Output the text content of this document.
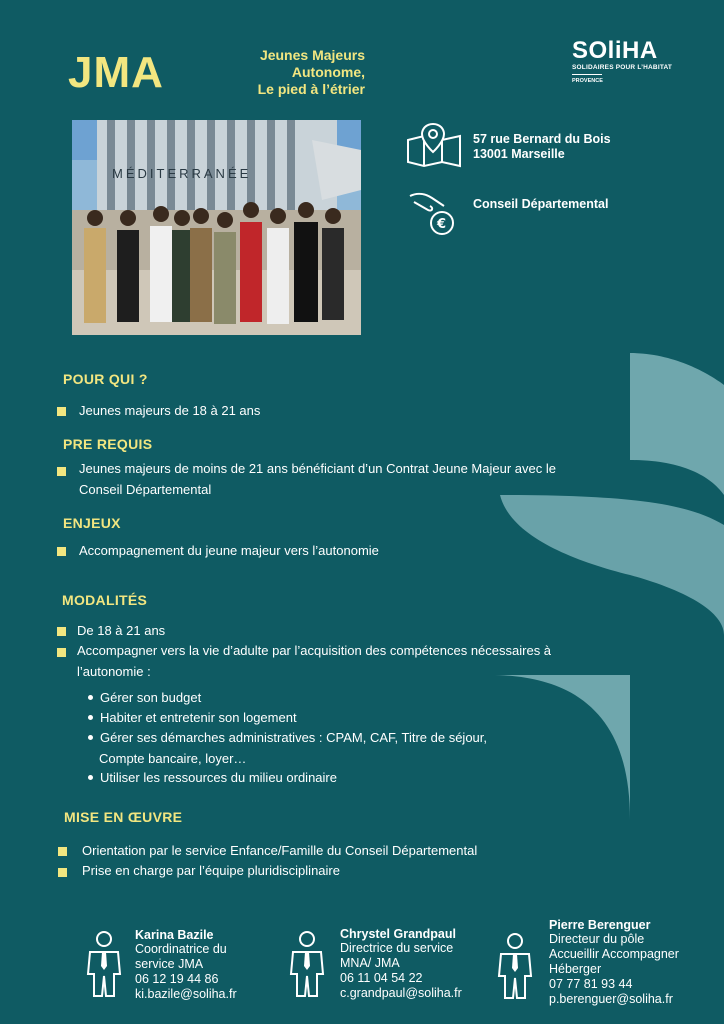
JMA	Jeunes Majeurs
Autonome,
Le pied à l’étrier
SOliHA
SOLIDAIRES POUR L’HABITAT
PROVENCE
MÉDITERRANÉE
57 rue Bernard du Bois
13001 Marseille
€
Conseil Départemental
POUR QUI ?
Jeunes majeurs de 18 à 21 ans
PRE REQUIS
Jeunes majeurs de moins de 21 ans bénéficiant d’un Contrat Jeune Majeur avec le
Conseil Départemental
ENJEUX
Accompagnement du jeune majeur vers l’autonomie
MODALITÉS
De 18 à 21 ans
Accompagner vers la vie d’adulte par l’acquisition des compétences nécessaires à
l’autonomie :
Gérer son budget
Habiter et entretenir son logement
Gérer ses démarches administratives : CPAM, CAF, Titre de séjour,
Compte bancaire, loyer…
Utiliser les ressources du milieu ordinaire
MISE EN ŒUVRE
Orientation par le service Enfance/Famille du Conseil Départemental
Prise en charge par l’équipe pluridisciplinaire
Karina Bazile
Coordinatrice du
service JMA
06 12 19 44 86
ki.bazile@soliha.fr
Chrystel Grandpaul
Directrice du service
MNA/ JMA
06 11 04 54 22
c.grandpaul@soliha.fr
Pierre Berenguer
Directeur du pôle
Accueillir Accompagner
Héberger
07 77 81 93 44
p.berenguer@soliha.fr
